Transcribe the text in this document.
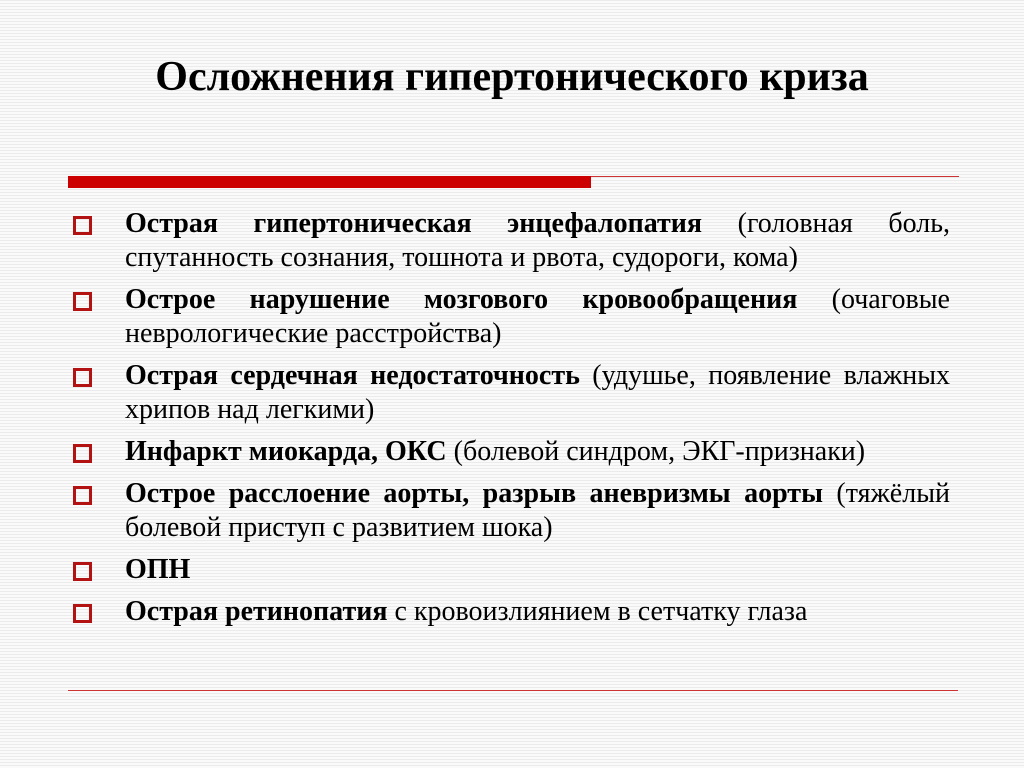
Осложнения гипертонического криза
Острая гипертоническая энцефалопатия (головная боль, спутанность сознания, тошнота и рвота, судороги, кома)
Острое нарушение мозгового кровообращения (очаговые неврологические расстройства)
Острая сердечная недостаточность (удушье, появление влажных хрипов над легкими)
Инфаркт миокарда, ОКС (болевой синдром, ЭКГ-признаки)
Острое расслоение аорты, разрыв аневризмы аорты (тяжёлый болевой приступ с развитием шока)
ОПН
Острая ретинопатия с кровоизлиянием в сетчатку глаза
